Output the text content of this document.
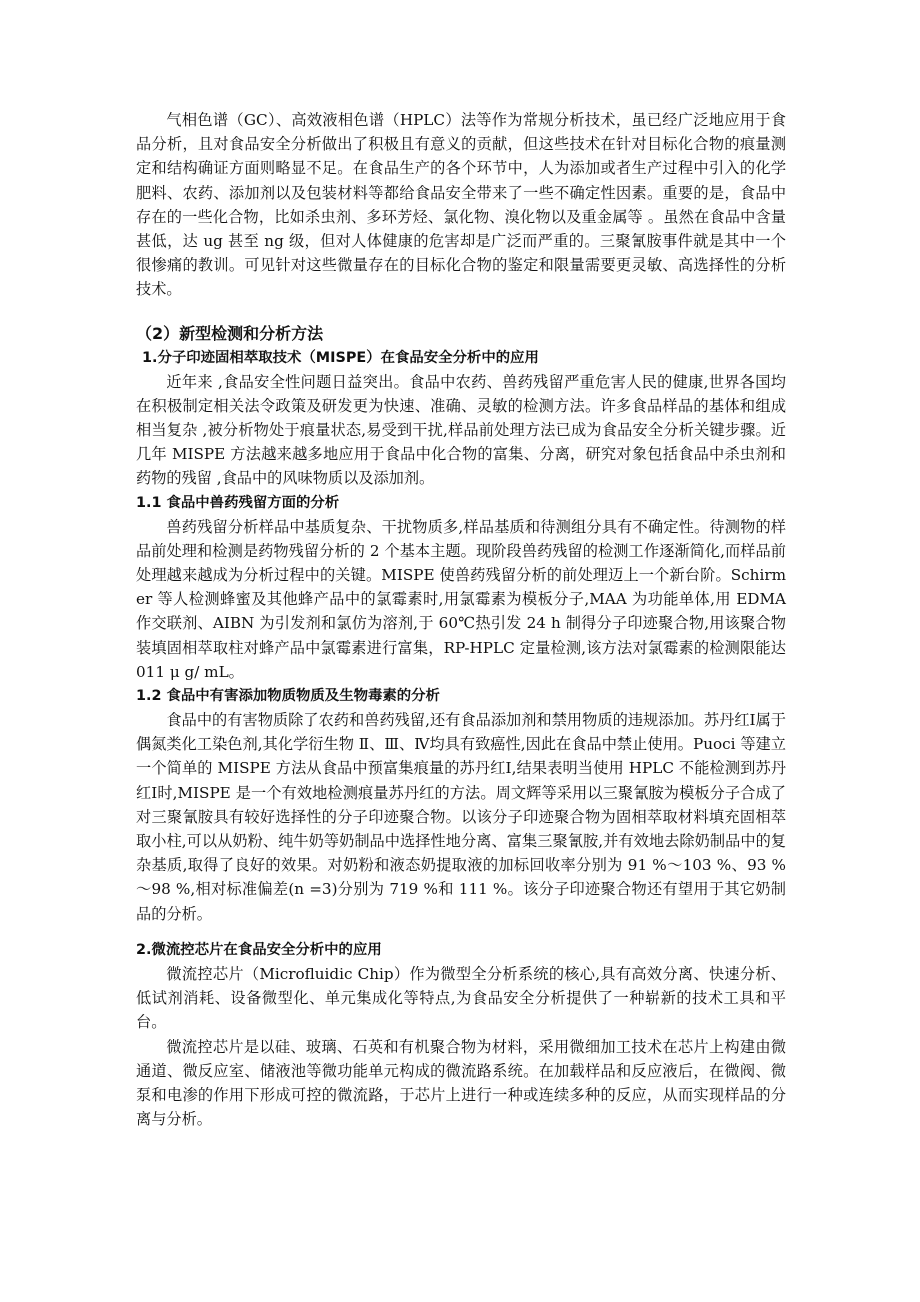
气相色谱（GC）、高效液相色谱（HPLC）法等作为常规分析技术，虽已经广泛地应用于食品分析，且对食品安全分析做出了积极且有意义的贡献，但这些技术在针对目标化合物的痕量测定和结构确证方面则略显不足。在食品生产的各个环节中，人为添加或者生产过程中引入的化学肥料、农药、添加剂以及包装材料等都给食品安全带来了一些不确定性因素。重要的是，食品中存在的一些化合物，比如杀虫剂、多环芳烃、氯化物、溴化物以及重金属等 。虽然在食品中含量甚低，达 ug 甚至 ng 级，但对人体健康的危害却是广泛而严重的。三聚氰胺事件就是其中一个很惨痛的教训。可见针对这些微量存在的目标化合物的鉴定和限量需要更灵敏、高选择性的分析技术。

（2）新型检测和分析方法
1.分子印迹固相萃取技术（MISPE）在食品安全分析中的应用

近年来 ,食品安全性问题日益突出。食品中农药、兽药残留严重危害人民的健康,世界各国均在积极制定相关法令政策及研发更为快速、准确、灵敏的检测方法。许多食品样品的基体和组成相当复杂 ,被分析物处于痕量状态,易受到干扰,样品前处理方法已成为食品安全分析关键步骤。近几年 MISPE 方法越来越多地应用于食品中化合物的富集、分离，研究对象包括食品中杀虫剂和药物的残留 ,食品中的风味物质以及添加剂。

1.1 食品中兽药残留方面的分析

兽药残留分析样品中基质复杂、干扰物质多,样品基质和待测组分具有不确定性。待测物的样品前处理和检测是药物残留分析的 2 个基本主题。现阶段兽药残留的检测工作逐渐简化,而样品前处理越来越成为分析过程中的关键。MISPE 使兽药残留分析的前处理迈上一个新台阶。Schirmer 等人检测蜂蜜及其他蜂产品中的氯霉素时,用氯霉素为模板分子,MAA 为功能单体,用 EDMA 作交联剂、AIBN 为引发剂和氯仿为溶剂,于 60℃热引发 24 h 制得分子印迹聚合物,用该聚合物装填固相萃取柱对蜂产品中氯霉素进行富集，RP-HPLC 定量检测,该方法对氯霉素的检测限能达 011 μ g/ mL。

1.2 食品中有害添加物质物质及生物毒素的分析

食品中的有害物质除了农药和兽药残留,还有食品添加剂和禁用物质的违规添加。苏丹红Ⅰ属于偶氮类化工染色剂,其化学衍生物 Ⅱ、Ⅲ、Ⅳ均具有致癌性,因此在食品中禁止使用。Puoci 等建立一个简单的 MISPE 方法从食品中预富集痕量的苏丹红Ⅰ,结果表明当使用 HPLC 不能检测到苏丹红Ⅰ时,MISPE 是一个有效地检测痕量苏丹红的方法。周文辉等采用以三聚氰胺为模板分子合成了对三聚氰胺具有较好选择性的分子印迹聚合物。以该分子印迹聚合物为固相萃取材料填充固相萃取小柱,可以从奶粉、纯牛奶等奶制品中选择性地分离、富集三聚氰胺,并有效地去除奶制品中的复杂基质,取得了良好的效果。对奶粉和液态奶提取液的加标回收率分别为 91 %～103 %、93 %～98 %,相对标准偏差(n =3)分别为 719 %和 111 %。该分子印迹聚合物还有望用于其它奶制品的分析。

2.微流控芯片在食品安全分析中的应用

微流控芯片（Microfluidic Chip）作为微型全分析系统的核心,具有高效分离、快速分析、低试剂消耗、设备微型化、单元集成化等特点,为食品安全分析提供了一种崭新的技术工具和平台。

微流控芯片是以硅、玻璃、石英和有机聚合物为材料，采用微细加工技术在芯片上构建由微通道、微反应室、储液池等微功能单元构成的微流路系统。在加载样品和反应液后，在微阀、微泵和电渗的作用下形成可控的微流路，于芯片上进行一种或连续多种的反应，从而实现样品的分离与分析。
